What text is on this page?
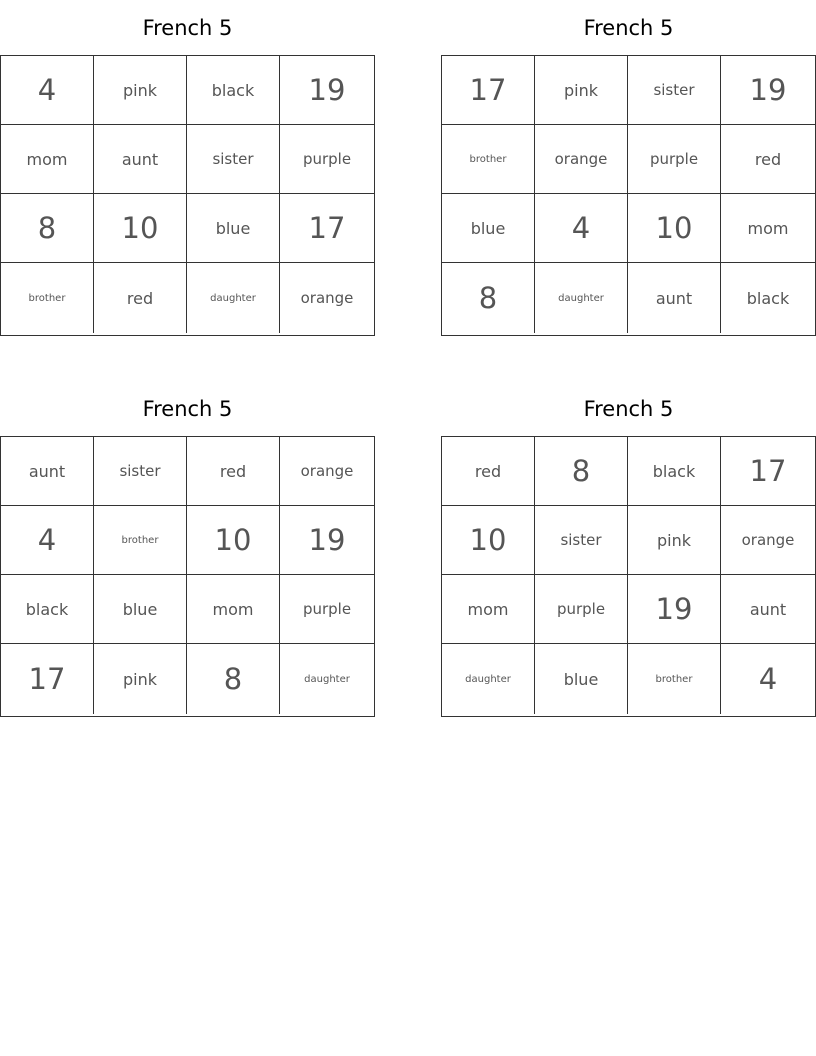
French 5
4	pink	black	19
mom	aunt	sister	purple
8	10	blue	17
brother	red	daughter	orange
French 5
17	pink	sister	19
brother	orange	purple	red
blue	4	10	mom
8	daughter	aunt	black
French 5
aunt	sister	red	orange
4	brother	10	19
black	blue	mom	purple
17	pink	8	daughter
French 5
red	8	black	17
10	sister	pink	orange
mom	purple	19	aunt
daughter	blue	brother	4
